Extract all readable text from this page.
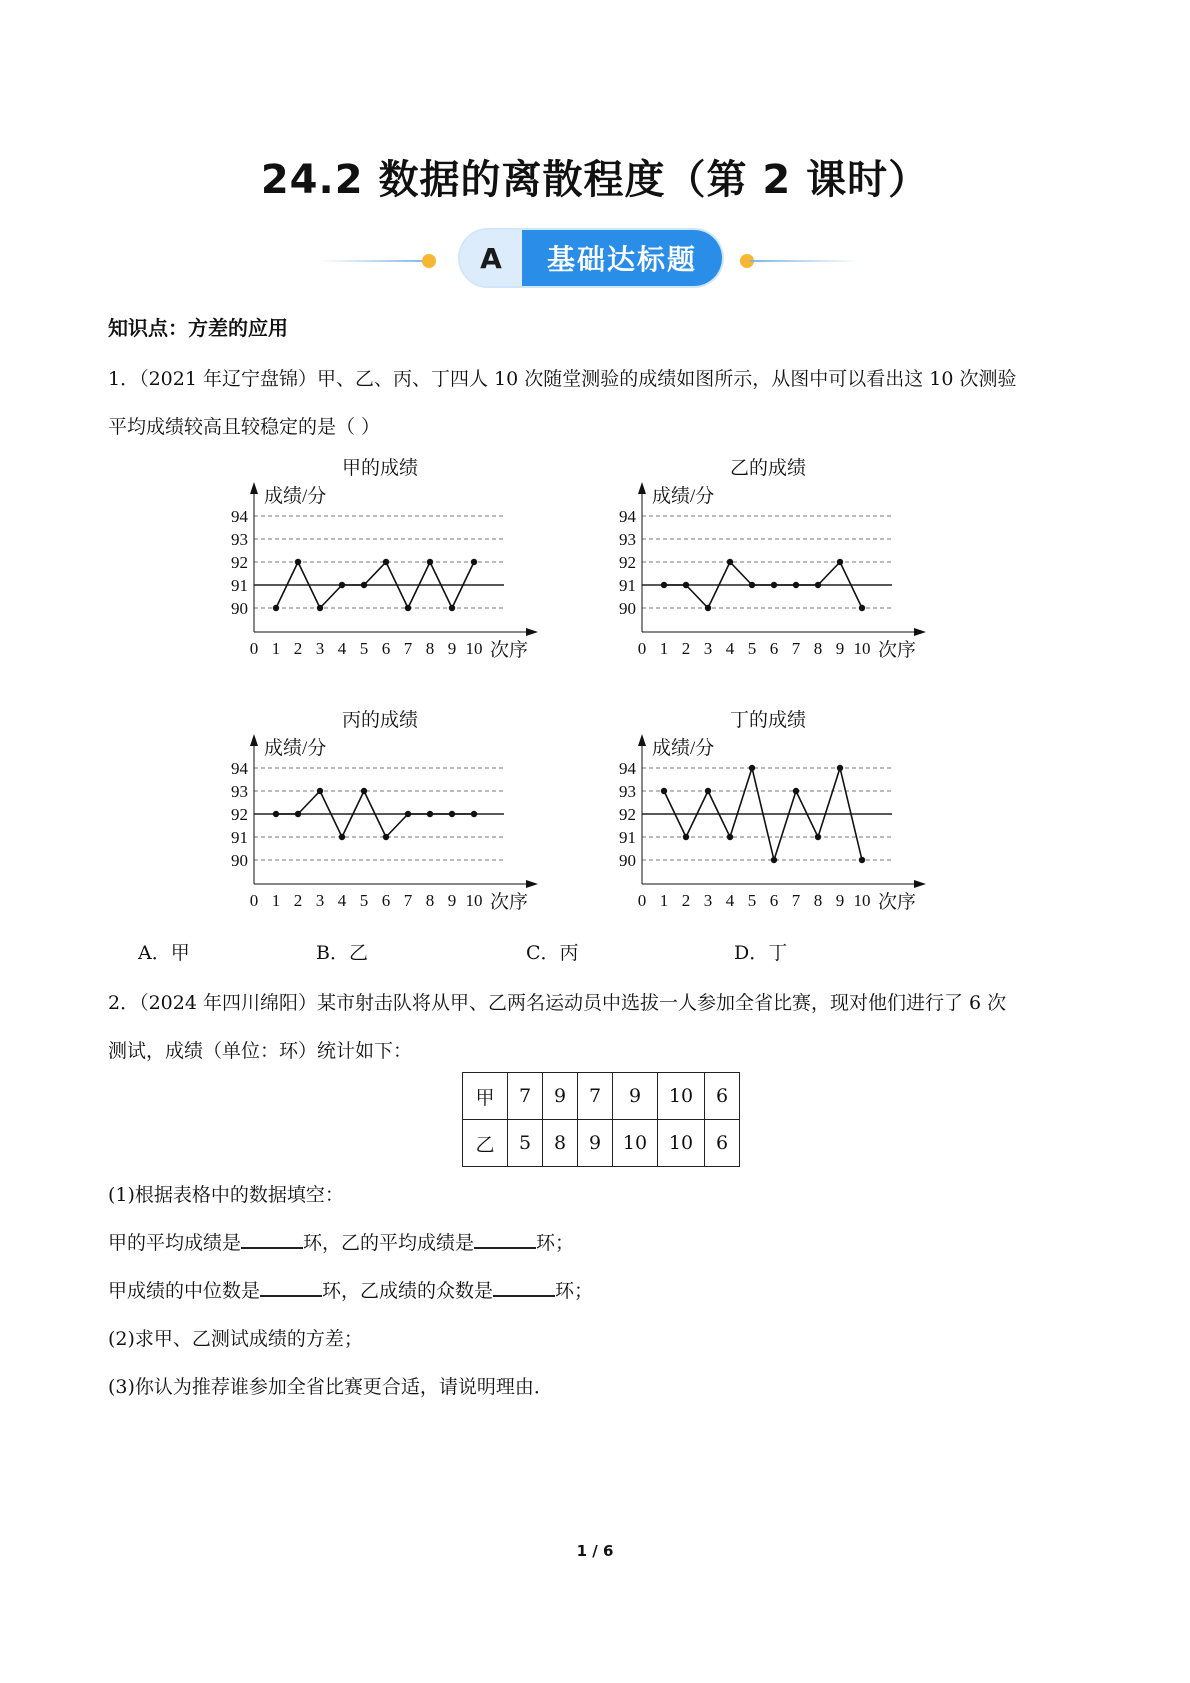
24.2 数据的离散程度（第 2 课时）
A	基础达标题
知识点：方差的应用
1．（2021 年辽宁盘锦）甲、乙、丙、丁四人 10 次随堂测验的成绩如图所示，从图中可以看出这 10 次测验
平均成绩较高且较稳定的是（ ）
甲的成绩
成绩/分
90
91
92
93
94
0 1 2 3 4 5 6 7 8 9 10 次序
乙的成绩
成绩/分
90
91
92
93
94
0 1 2 3 4 5 6 7 8 9 10 次序
丙的成绩
成绩/分
90
91
92
93
94
0 1 2 3 4 5 6 7 8 9 10 次序
丁的成绩
成绩/分
90
91
92
93
94
0 1 2 3 4 5 6 7 8 9 10 次序
A．甲	B．乙	C．丙	D．丁
2．（2024 年四川绵阳）某市射击队将从甲、乙两名运动员中选拔一人参加全省比赛，现对他们进行了 6 次
测试，成绩（单位：环）统计如下：
甲	7	9	7	9	10	6
乙	5	8	9	10	10	6
(1)根据表格中的数据填空：
甲的平均成绩是	环，乙的平均成绩是	环；
甲成绩的中位数是	环，乙成绩的众数是	环；
(2)求甲、乙测试成绩的方差；
(3)你认为推荐谁参加全省比赛更合适，请说明理由．
1 / 6
